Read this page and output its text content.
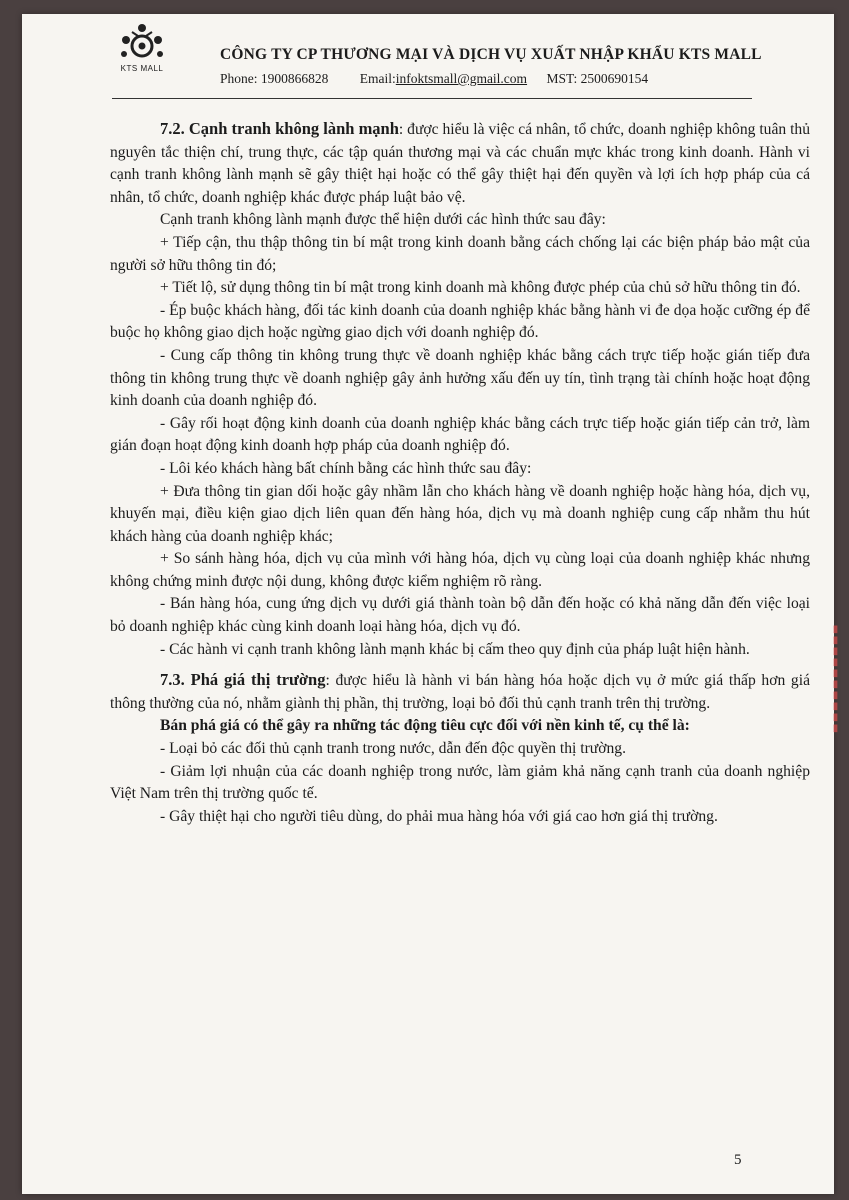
KTS MALL
CÔNG TY CP THƯƠNG MẠI VÀ DỊCH VỤ XUẤT NHẬP KHẨU KTS MALL
Phone: 1900866828 Email:infoktsmall@gmail.com MST: 2500690154

7.2. Cạnh tranh không lành mạnh: được hiểu là việc cá nhân, tổ chức, doanh nghiệp không tuân thủ nguyên tắc thiện chí, trung thực, các tập quán thương mại và các chuẩn mực khác trong kinh doanh. Hành vi cạnh tranh không lành mạnh sẽ gây thiệt hại hoặc có thể gây thiệt hại đến quyền và lợi ích hợp pháp của cá nhân, tổ chức, doanh nghiệp khác được pháp luật bảo vệ.

Cạnh tranh không lành mạnh được thể hiện dưới các hình thức sau đây:

+ Tiếp cận, thu thập thông tin bí mật trong kinh doanh bằng cách chống lại các biện pháp bảo mật của người sở hữu thông tin đó;

+ Tiết lộ, sử dụng thông tin bí mật trong kinh doanh mà không được phép của chủ sở hữu thông tin đó.

- Ép buộc khách hàng, đối tác kinh doanh của doanh nghiệp khác bằng hành vi đe dọa hoặc cưỡng ép để buộc họ không giao dịch hoặc ngừng giao dịch với doanh nghiệp đó.

- Cung cấp thông tin không trung thực về doanh nghiệp khác bằng cách trực tiếp hoặc gián tiếp đưa thông tin không trung thực về doanh nghiệp gây ảnh hưởng xấu đến uy tín, tình trạng tài chính hoặc hoạt động kinh doanh của doanh nghiệp đó.

- Gây rối hoạt động kinh doanh của doanh nghiệp khác bằng cách trực tiếp hoặc gián tiếp cản trở, làm gián đoạn hoạt động kinh doanh hợp pháp của doanh nghiệp đó.

- Lôi kéo khách hàng bất chính bằng các hình thức sau đây:

+ Đưa thông tin gian dối hoặc gây nhầm lẫn cho khách hàng về doanh nghiệp hoặc hàng hóa, dịch vụ, khuyến mại, điều kiện giao dịch liên quan đến hàng hóa, dịch vụ mà doanh nghiệp cung cấp nhằm thu hút khách hàng của doanh nghiệp khác;

+ So sánh hàng hóa, dịch vụ của mình với hàng hóa, dịch vụ cùng loại của doanh nghiệp khác nhưng không chứng minh được nội dung, không được kiểm nghiệm rõ ràng.

- Bán hàng hóa, cung ứng dịch vụ dưới giá thành toàn bộ dẫn đến hoặc có khả năng dẫn đến việc loại bỏ doanh nghiệp khác cùng kinh doanh loại hàng hóa, dịch vụ đó.

- Các hành vi cạnh tranh không lành mạnh khác bị cấm theo quy định của pháp luật hiện hành.

7.3. Phá giá thị trường: được hiểu là hành vi bán hàng hóa hoặc dịch vụ ở mức giá thấp hơn giá thông thường của nó, nhằm giành thị phần, thị trường, loại bỏ đối thủ cạnh tranh trên thị trường.

Bán phá giá có thể gây ra những tác động tiêu cực đối với nền kinh tế, cụ thể là:

- Loại bỏ các đối thủ cạnh tranh trong nước, dẫn đến độc quyền thị trường.

- Giảm lợi nhuận của các doanh nghiệp trong nước, làm giảm khả năng cạnh tranh của doanh nghiệp Việt Nam trên thị trường quốc tế.

- Gây thiệt hại cho người tiêu dùng, do phải mua hàng hóa với giá cao hơn giá thị trường.

▮▮▮▮▮▮▮▮▮▮
5
